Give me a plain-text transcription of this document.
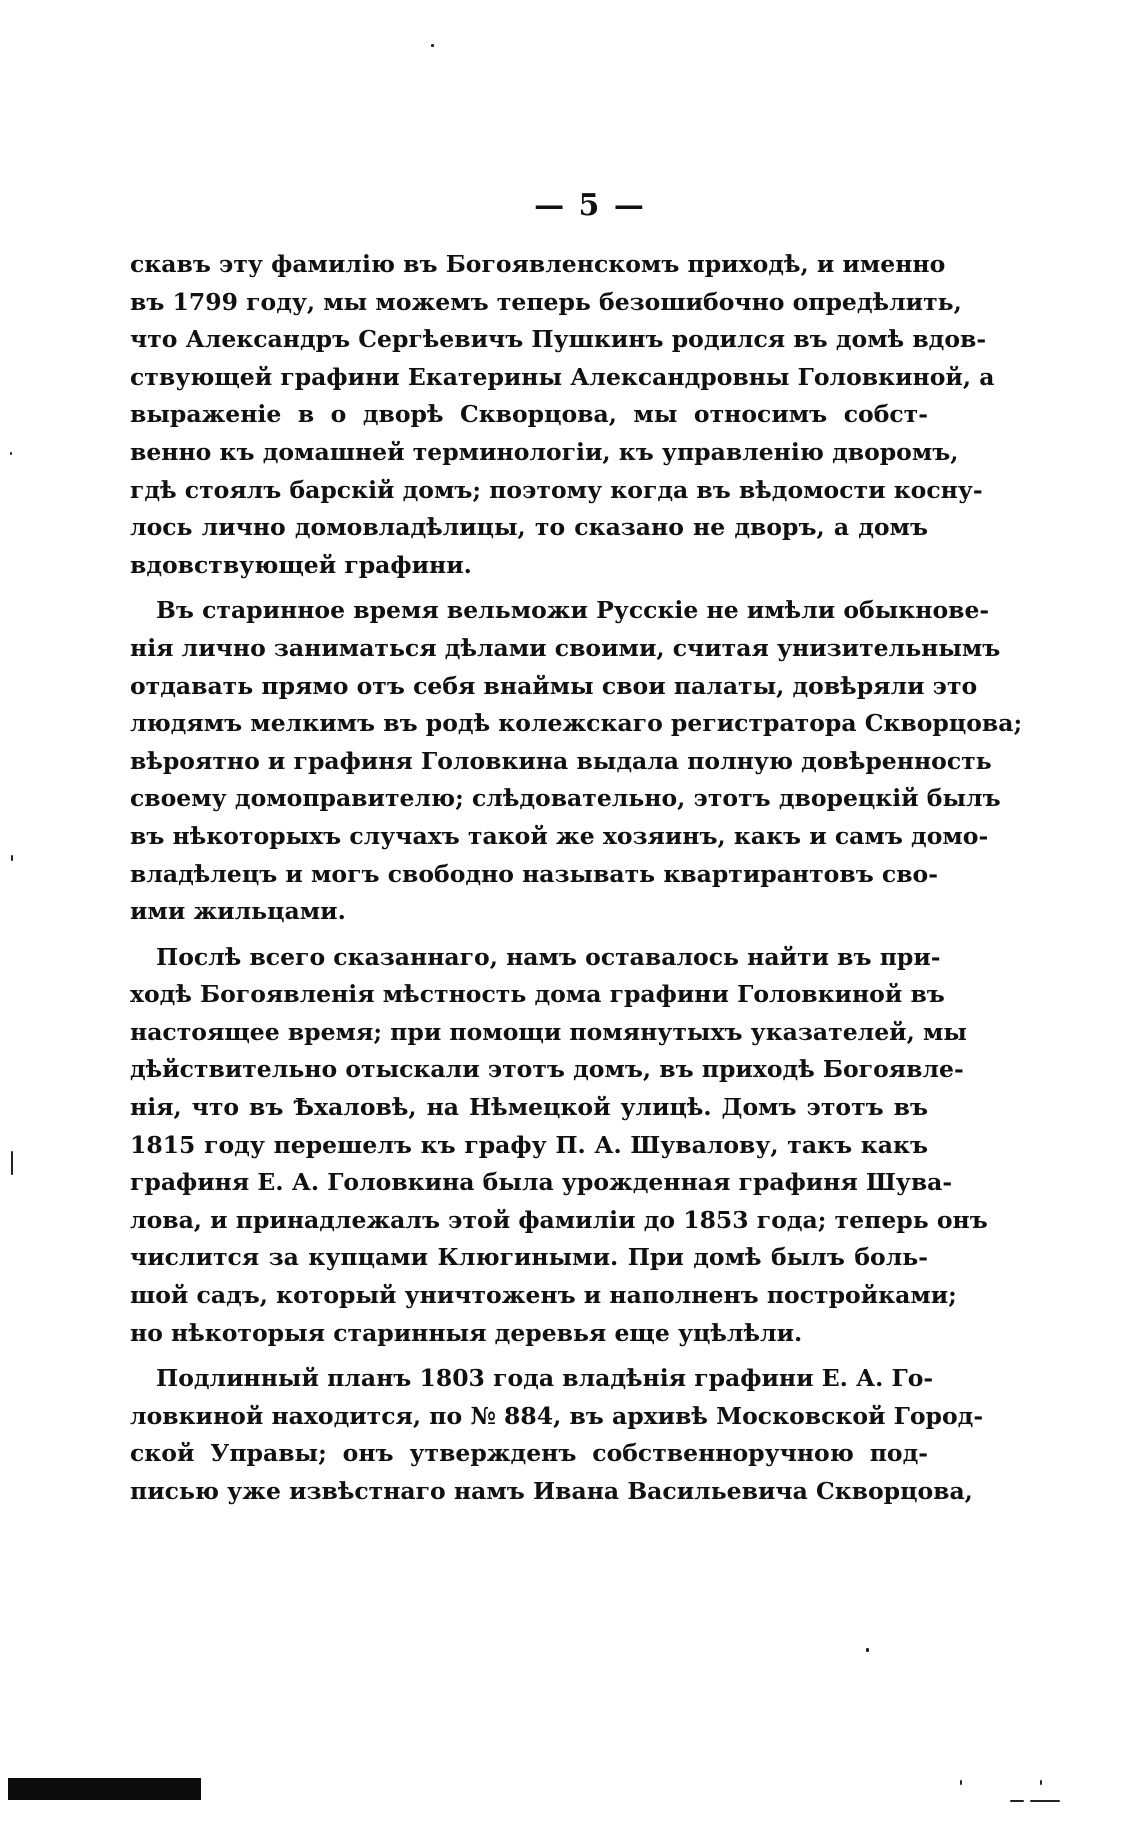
— 5 —
скавъ эту фамилію въ Богоявленскомъ приходѣ, и именно
въ 1799 году, мы можемъ теперь безошибочно опредѣлить,
что Александръ Сергѣевичъ Пушкинъ родился въ домѣ вдов-
ствующей графини Екатерины Александровны Головкиной, а
выраженіе в о дворѣ Скворцова, мы относимъ собст-
венно къ домашней терминологіи, къ управленію дворомъ,
гдѣ стоялъ барскій домъ; поэтому когда въ вѣдомости косну-
лось лично домовладѣлицы, то сказано не дворъ, а домъ
вдовствующей графини.
Въ старинное время вельможи Русскіе не имѣли обыкнове-
нія лично заниматься дѣлами своими, считая унизительнымъ
отдавать прямо отъ себя внаймы свои палаты, довѣряли это
людямъ мелкимъ въ родѣ колежскаго регистратора Скворцова;
вѣроятно и графиня Головкина выдала полную довѣренность
своему домоправителю; слѣдовательно, этотъ дворецкій былъ
въ нѣкоторыхъ случахъ такой же хозяинъ, какъ и самъ домо-
владѣлецъ и могъ свободно называть квартирантовъ сво-
ими жильцами.
Послѣ всего сказаннаго, намъ оставалось найти въ при-
ходѣ Богоявленія мѣстность дома графини Головкиной въ
настоящее время; при помощи помянутыхъ указателей, мы
дѣйствительно отыскали этотъ домъ, въ приходѣ Богоявле-
нія, что въ Ѣхаловѣ, на Нѣмецкой улицѣ. Домъ этотъ въ
1815 году перешелъ къ графу П. А. Шувалову, такъ какъ
графиня Е. А. Головкина была урожденная графиня Шува-
лова, и принадлежалъ этой фамиліи до 1853 года; теперь онъ
числится за купцами Клюгиными. При домѣ былъ боль-
шой садъ, который уничтоженъ и наполненъ постройками;
но нѣкоторыя старинныя деревья еще уцѣлѣли.
Подлинный планъ 1803 года владѣнія графини Е. А. Го-
ловкиной находится, по № 884, въ архивѣ Московской Город-
ской Управы; онъ утвержденъ собственноручною под-
писью уже извѣстнаго намъ Ивана Васильевича Скворцова,
